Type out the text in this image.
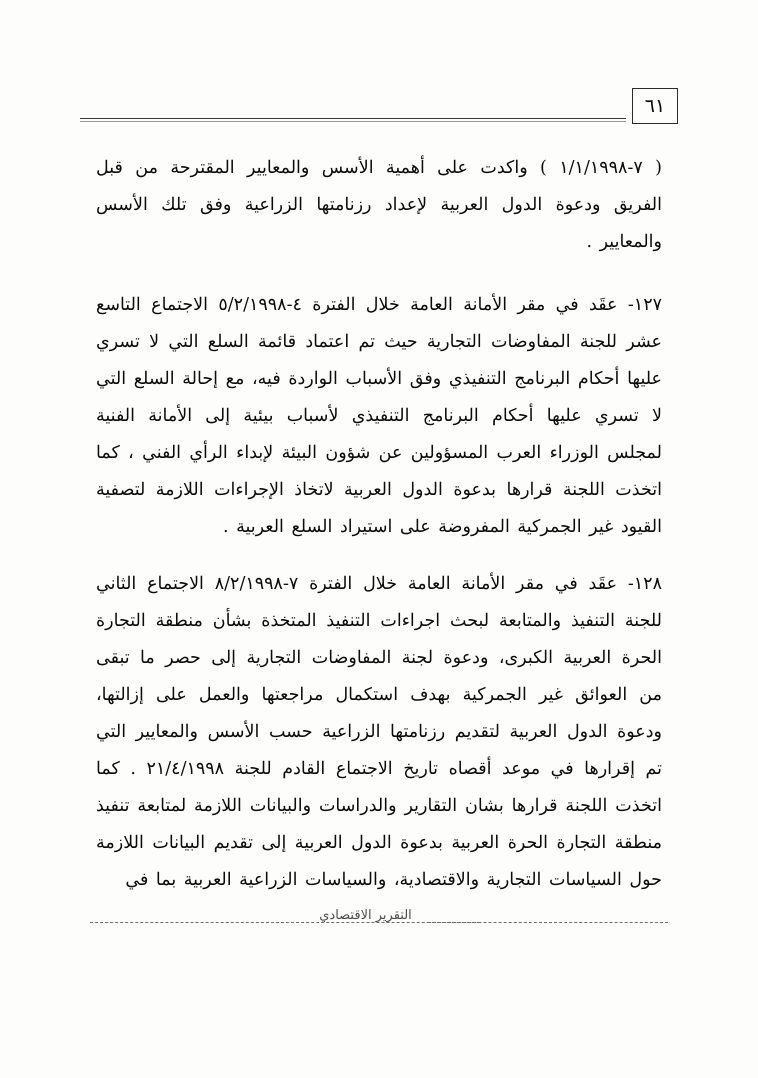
٦١

( ٧-١/١/١٩٩٨ ) واكدت على أهمية الأسس والمعايير المقترحة من قبل الفريق ودعوة الدول العربية لإعداد رزنامتها الزراعية وفق تلك الأسس والمعايير .

١٢٧- عقَد في مقر الأمانة العامة خلال الفترة ٤-٥/٢/١٩٩٨ الاجتماع التاسع عشر للجنة المفاوضات التجارية حيث تم اعتماد قائمة السلع التي لا تسري عليها أحكام البرنامج التنفيذي وفق الأسباب الواردة فيه، مع إحالة السلع التي لا تسري عليها أحكام البرنامج التنفيذي لأسباب بيئية إلى الأمانة الفنية لمجلس الوزراء العرب المسؤولين عن شؤون البيئة لإبداء الرأي الفني ، كما اتخذت اللجنة قرارها بدعوة الدول العربية لاتخاذ الإجراءات اللازمة لتصفية القيود غير الجمركية المفروضة على استيراد السلع العربية .

١٢٨- عقَد في مقر الأمانة العامة خلال الفترة ٧-٨/٢/١٩٩٨ الاجتماع الثاني للجنة التنفيذ والمتابعة لبحث اجراءات التنفيذ المتخذة بشأن منطقة التجارة الحرة العربية الكبرى، ودعوة لجنة المفاوضات التجارية إلى حصر ما تبقى من العوائق غير الجمركية بهدف استكمال مراجعتها والعمل على إزالتها، ودعوة الدول العربية لتقديم رزنامتها الزراعية حسب الأسس والمعايير التي تم إقرارها في موعد أقصاه تاريخ الاجتماع القادم للجنة ٢١/٤/١٩٩٨ . كما اتخذت اللجنة قرارها بشان التقارير والدراسات والبيانات اللازمة لمتابعة تنفيذ منطقة التجارة الحرة العربية بدعوة الدول العربية إلى تقديم البيانات اللازمة حول السياسات التجارية والاقتصادية، والسياسات الزراعية العربية بما في

التقرير الاقتصادي
